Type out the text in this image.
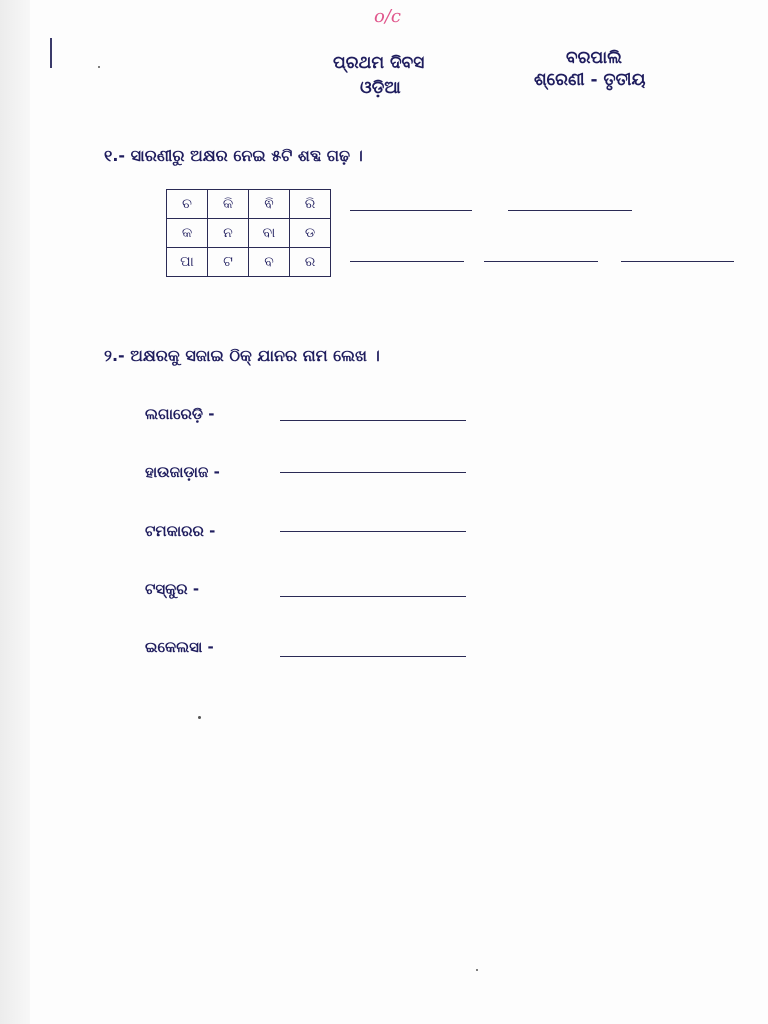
o/c
ପ୍ରଥମ ଦିବସ
ଓଡ଼ିଆ
ବରପାଲି
ଶ୍ରେଣୀ - ତୃତୀୟ
୧.- ସାରଣୀରୁ ଅକ୍ଷର ନେଇ ୫ଟି ଶବ୍ଦ ଗଢ଼ ।
ଚ	କି	ଵି	ରି
କ	ନ	ବା	ଡ
ପା	ଟ	ବ	ର
୨.- ଅକ୍ଷରକୁ ସଜାଇ ଠିକ୍ ଯାନର ନାମ ଲେଖ ।
ଲଗାରେଡ଼ି -
ହାଉଜାଡ଼ାଜ -
ଟମକାରର -
ଟସ୍କୁର -
ଇକେଲସା -
